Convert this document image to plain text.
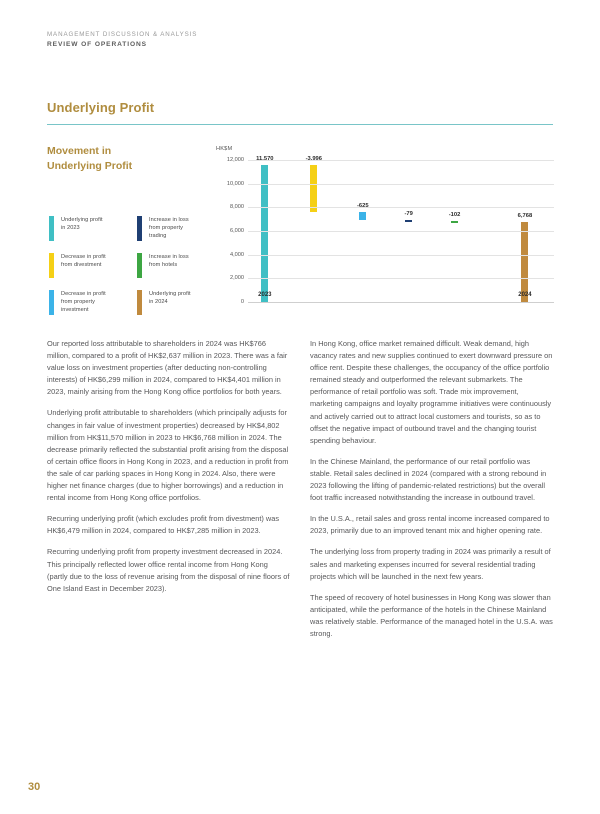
MANAGEMENT DISCUSSION & ANALYSIS
REVIEW OF OPERATIONS
Underlying Profit
Movement in
Underlying Profit
Underlying profit
in 2023
Decrease in profit
from divestment
Decrease in profit
from property
investment
Increase in loss
from property
trading
Increase in loss
from hotels
Underlying profit
in 2024
HK$M
-79	-102	6,768
0
2,000
4,000
6,000
8,000
10,000
12,000
2023	2024

Our reported loss attributable to shareholders in 2024 was HK$766 million, compared to a profit of HK$2,637 million in 2023. There was a fair value loss on investment properties (after deducting non-controlling interests) of HK$6,299 million in 2024, compared to HK$4,401 million in 2023, mainly arising from the Hong Kong office portfolios for both years.

Underlying profit attributable to shareholders (which principally adjusts for changes in fair value of investment properties) decreased by HK$4,802 million from HK$11,570 million in 2023 to HK$6,768 million in 2024. The decrease primarily reflected the substantial profit arising from the disposal of certain office floors in Hong Kong in 2023, and a reduction in profit from the sale of car parking spaces in Hong Kong in 2024. Also, there were higher net finance charges (due to higher borrowings) and a reduction in rental income from Hong Kong office portfolios.

Recurring underlying profit (which excludes profit from divestment) was HK$6,479 million in 2024, compared to HK$7,285 million in 2023.

Recurring underlying profit from property investment decreased in 2024. This principally reflected lower office rental income from Hong Kong (partly due to the loss of revenue arising from the disposal of nine floors of One Island East in December 2023).

In Hong Kong, office market remained difficult. Weak demand, high vacancy rates and new supplies continued to exert downward pressure on office rent. Despite these challenges, the occupancy of the office portfolio remained steady and outperformed the relevant submarkets. The performance of retail portfolio was soft. Trade mix improvement, marketing campaigns and loyalty programme initiatives were continuously and actively carried out to attract local customers and tourists, so as to offset the negative impact of outbound travel and the changing tourist spending behaviour.

In the Chinese Mainland, the performance of our retail portfolio was stable. Retail sales declined in 2024 (compared with a strong rebound in 2023 following the lifting of pandemic-related restrictions) but the overall foot traffic increased notwithstanding the increase in outbound travel.

In the U.S.A., retail sales and gross rental income increased compared to 2023, primarily due to an improved tenant mix and higher opening rate.

The underlying loss from property trading in 2024 was primarily a result of sales and marketing expenses incurred for several residential trading projects which will be launched in the next few years.

The speed of recovery of hotel businesses in Hong Kong was slower than anticipated, while the performance of the hotels in the Chinese Mainland was relatively stable. Performance of the managed hotel in the U.S.A. was strong.

30
